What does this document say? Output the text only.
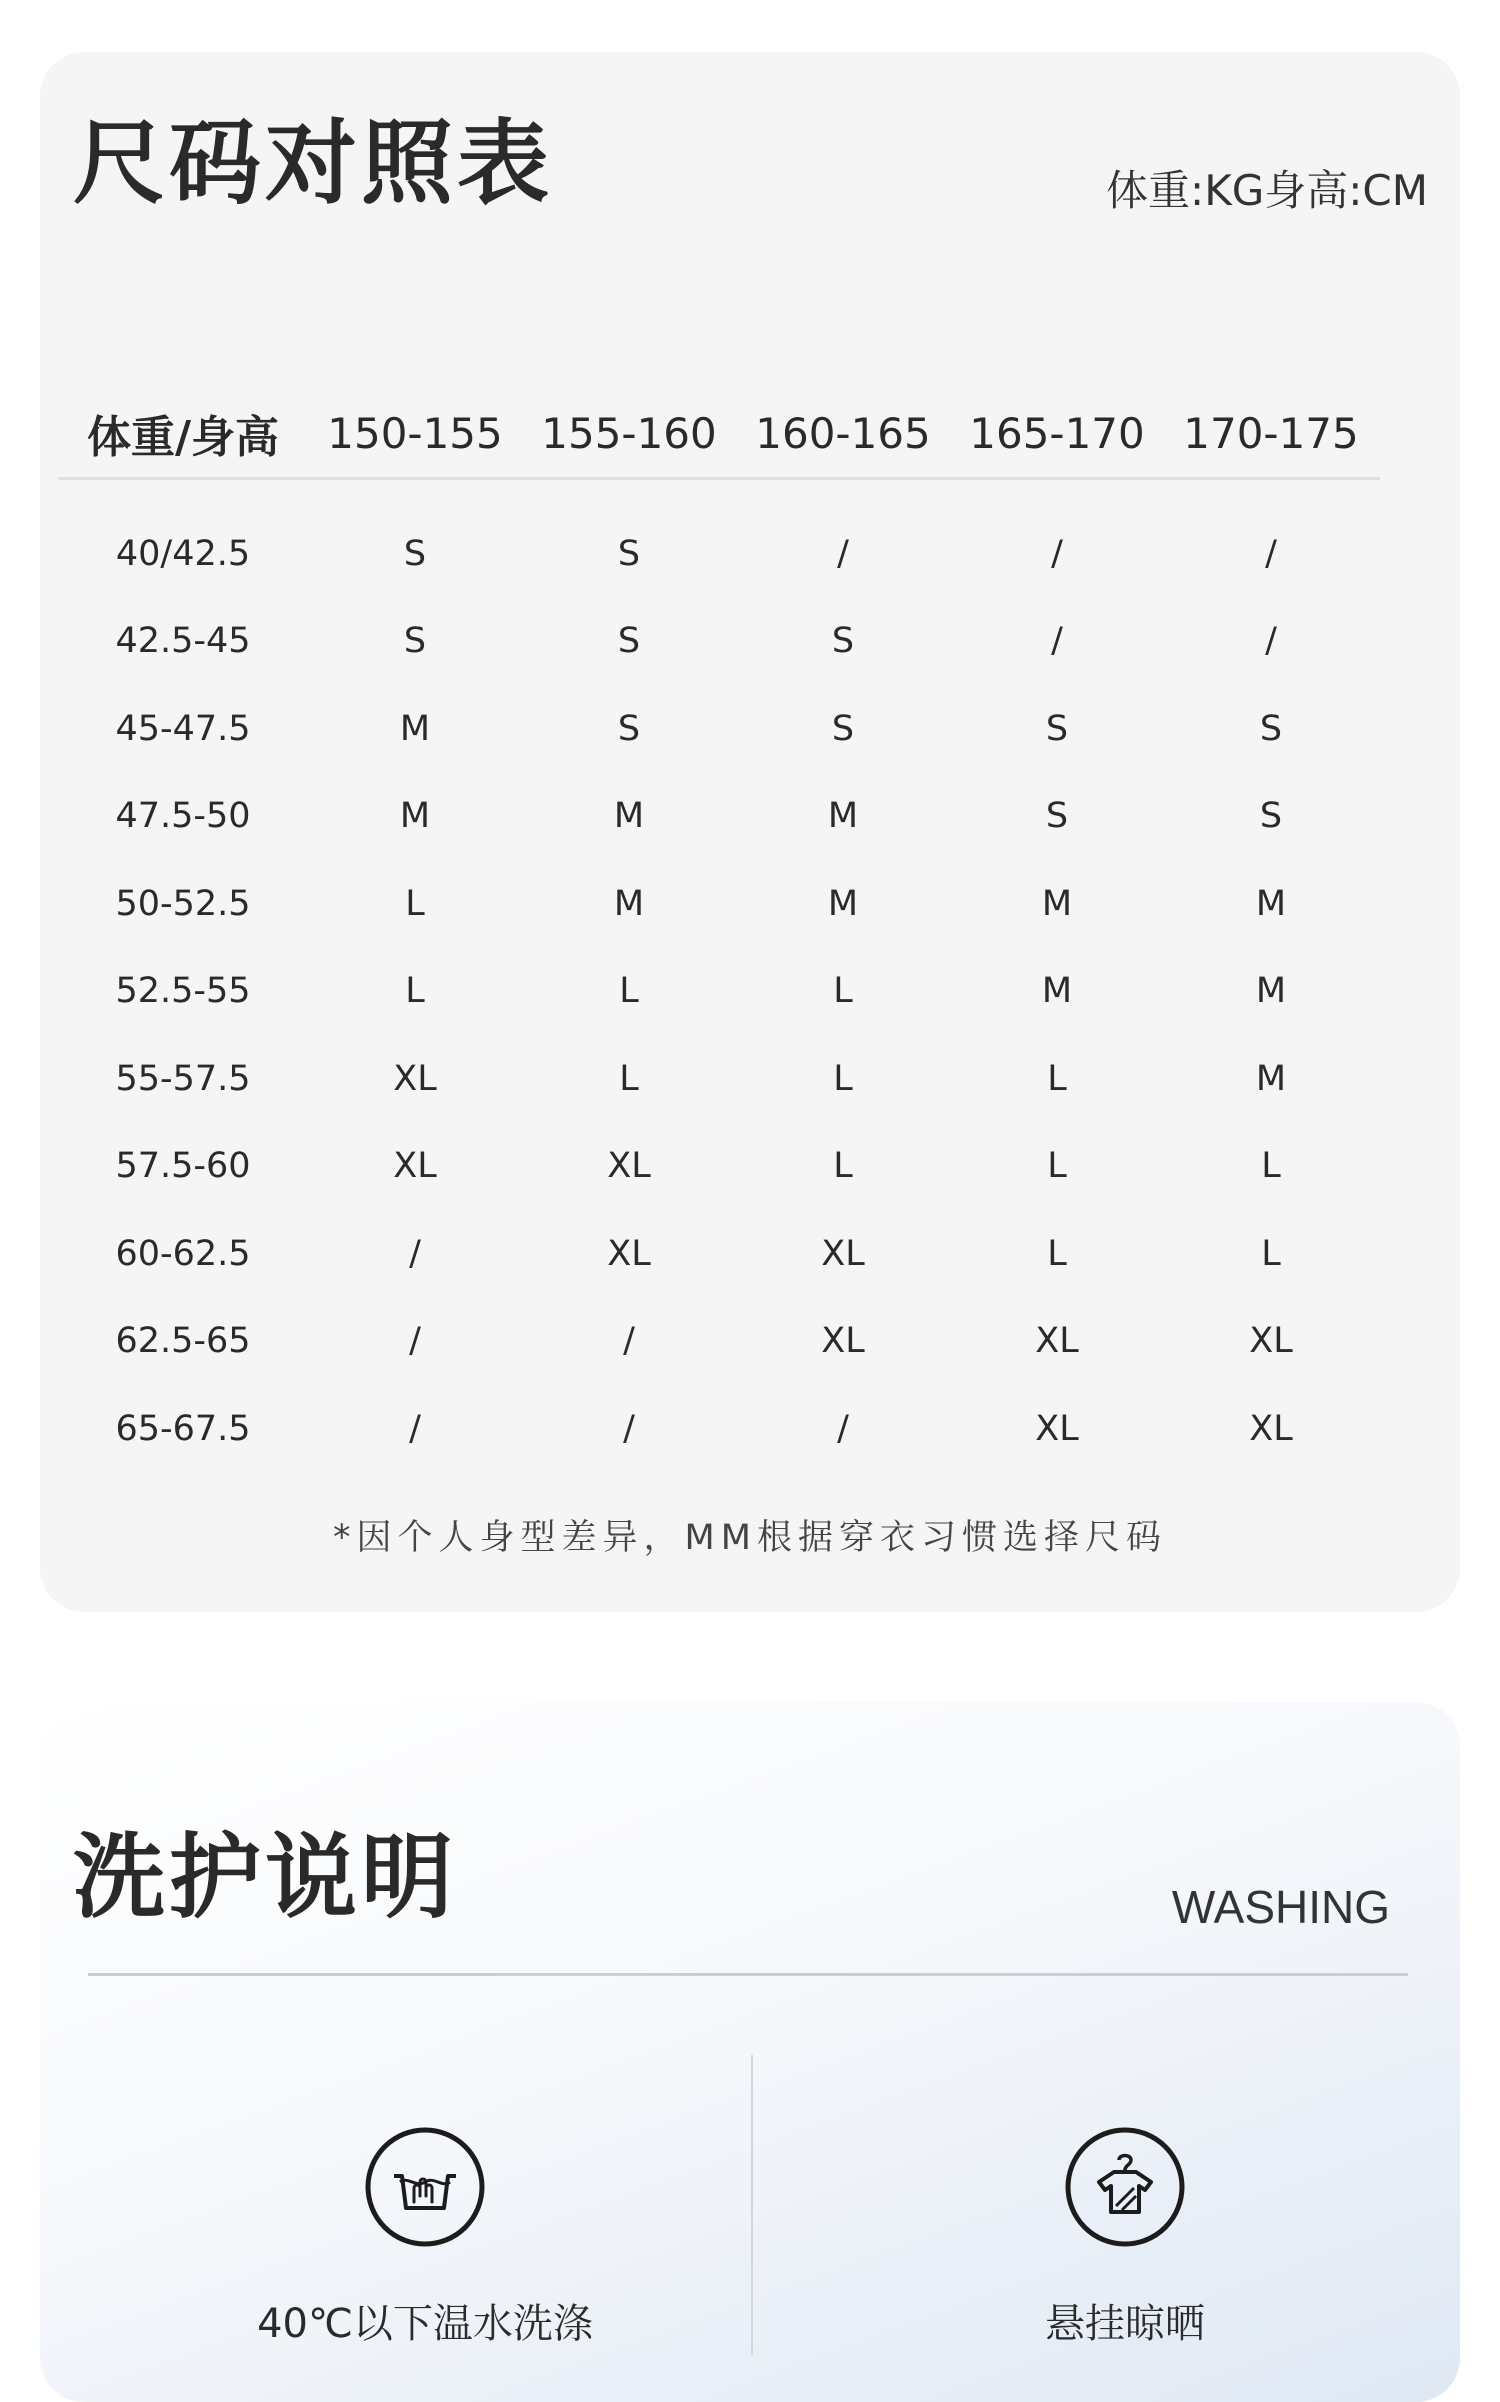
尺码对照表	体重:KG身高:CM
体重/身高	150-155 155-160 160-165 165-170 170-175
40/42.5	S	S	/	/	/
42.5-45	S	S	S	/	/
45-47.5	M	S	S	S	S
47.5-50	M	M	M	S	S
50-52.5	L	M	M	M	M
52.5-55	L	L	L	M	M
55-57.5	XL	L	L	L	M
57.5-60	XL	XL	L	L	L
60-62.5	/	XL	XL	L	L
62.5-65	/	/	XL	XL	XL
65-67.5	/	/	/	XL	XL
*因个人身型差异，MM根据穿衣习惯选择尺码
洗护说明	WASHING
40℃以下温水洗涤	悬挂晾晒
